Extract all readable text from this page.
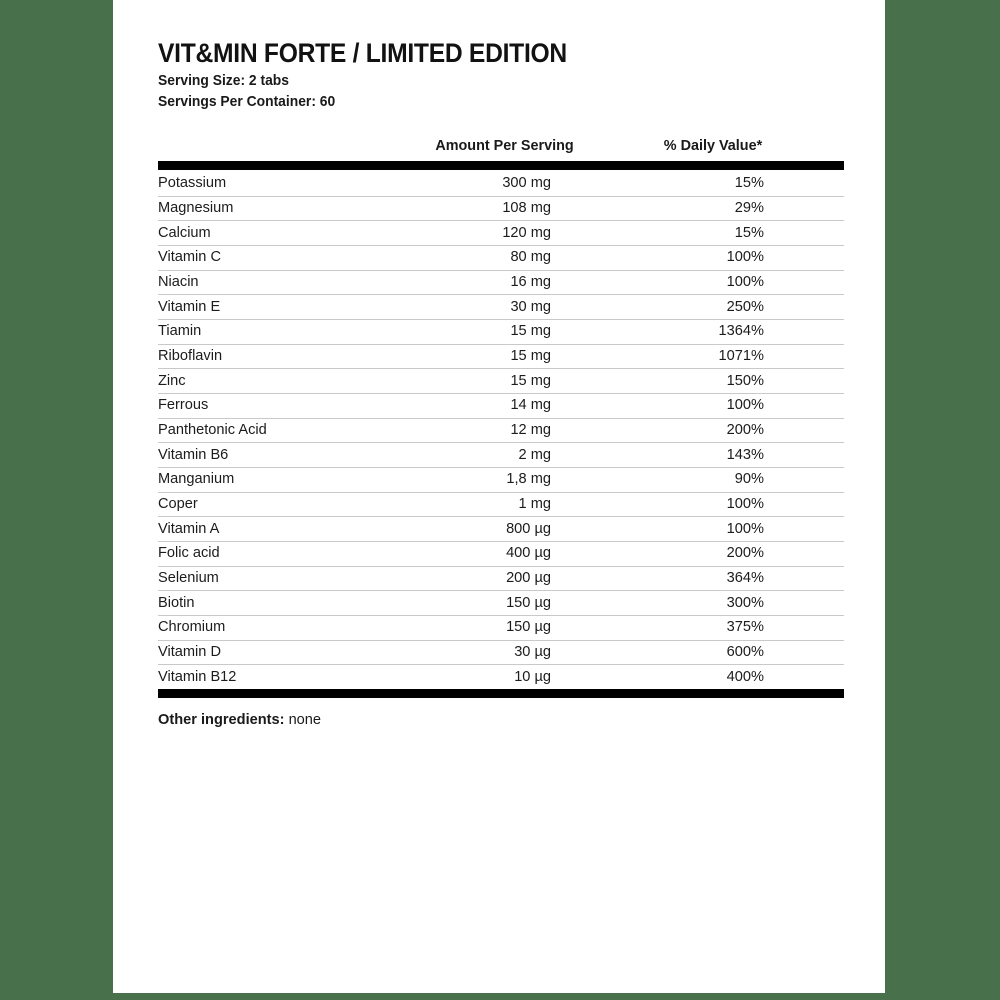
VIT&MIN FORTE / LIMITED EDITION
Serving Size: 2 tabs
Servings Per Container: 60
	Amount Per Serving	% Daily Value*

Potassium	300 mg	15%
Magnesium	108 mg	29%
Calcium	120 mg	15%
Vitamin C	80 mg	100%
Niacin	16 mg	100%
Vitamin E	30 mg	250%
Tiamin	15 mg	1364%
Riboflavin	15 mg	1071%
Zinc	15 mg	150%
Ferrous	14 mg	100%
Panthetonic Acid	12 mg	200%
Vitamin B6	2 mg	143%
Manganium	1,8 mg	90%
Coper	1 mg	100%
Vitamin A	800 µg	100%
Folic acid	400 µg	200%
Selenium	200 µg	364%
Biotin	150 µg	300%
Chromium	150 µg	375%
Vitamin D	30 µg	600%
Vitamin B12	10 µg	400%

Other ingredients: none
